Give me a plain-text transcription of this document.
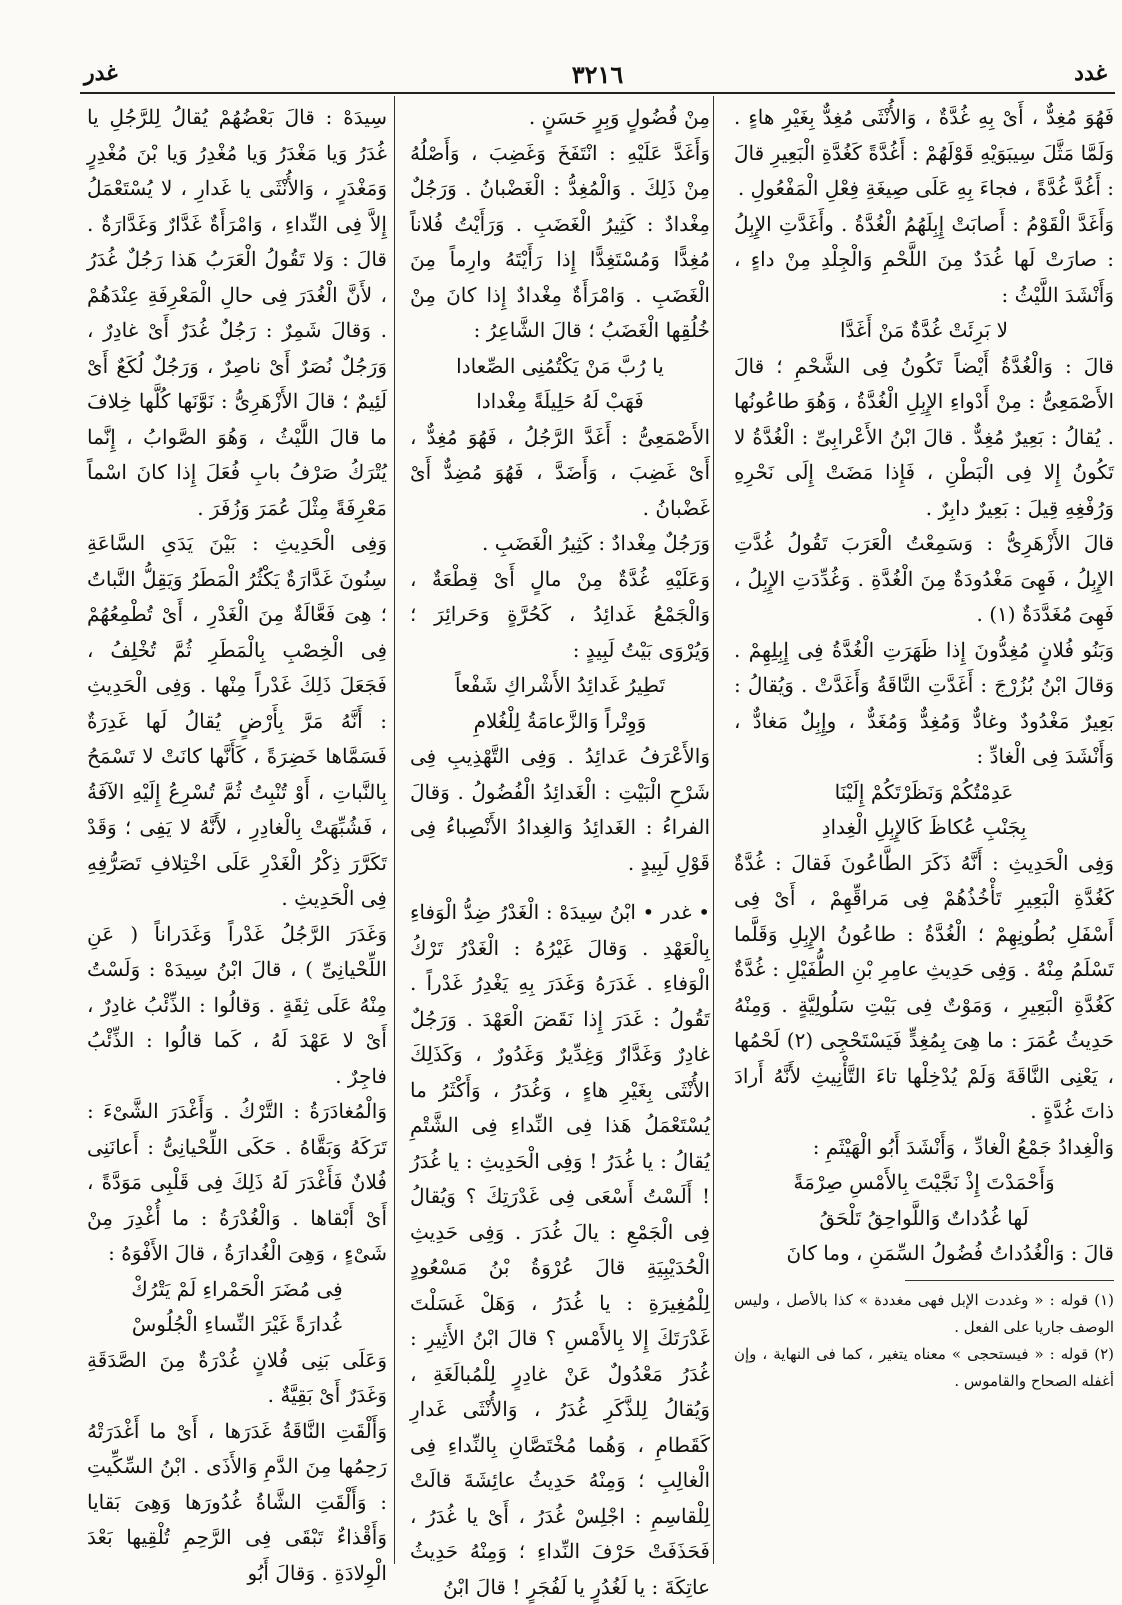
غدد
٣٢١٦
غدر

فَهُوَ مُغِدٌّ ، أَىْ بِهِ غُدَّةٌ ، وَالأُنْثَى مُغِدٌّ بِغَيْرِ هاءٍ . وَلَمَّا مَثَّلَ سِيبَوَيْهِ قَوْلَهُمْ : أَغُدَّةً كَغُدَّةِ الْبَعِيرِ قالَ : أَغُدَّ غُدَّةً ، فجاءَ بِهِ عَلَى صِيغَةِ فِعْلِ الْمَفْعُولِ .

وَأَغَدَّ الْقَوْمُ : أَصابَتْ إِبِلَهُمُ الْغُدَّةُ . وأَغَدَّتِ الإِبِلُ : صارَتْ لَها غُدَدٌ مِنَ اللَّحْمِ وَالْجِلْدِ مِنْ داءٍ ، وَأَنْشَدَ اللَّيْثُ :

لا بَرِئَتْ غُدَّةٌ مَنْ أَغَدَّا

قالَ : وَالْغُدَّةُ أَيْضاً تَكُونُ فِى الشَّحْمِ ؛ قالَ الأَصْمَعِىُّ : مِنْ أَدْواءِ الإِبِلِ الْغُدَّةُ ، وَهُوَ طاعُونُها . يُقالُ : بَعِيرٌ مُغِدٌّ . قالَ ابْنُ الأَعْرابِىِّ : الْغُدَّةُ لا تَكُونُ إِلا فِى الْبَطْنِ ، فَإِذا مَضَتْ إِلَى نَحْرِهِ وَرُفْغِهِ قِيلَ : بَعِيرٌ دابِرٌ .

قالَ الأَزْهَرِىُّ : وَسَمِعْتُ الْعَرَبَ تَقُولُ غُدَّتِ الإِبِلُ ، فَهِىَ مَغْدُودَةٌ مِنَ الْغُدَّةِ . وَغُدِّدَتِ الإِبِلُ ، فَهِىَ مُغَدَّدَةٌ (١) .

وَبَنُو فُلانٍ مُغِدُّونَ إِذا ظَهَرَتِ الْغُدَّةُ فِى إِبِلِهِمْ . وَقالَ ابْنُ بُزُرْجَ : أَغَدَّتِ النَّاقَةُ وَأَغَدَّتْ . وَيُقالُ : بَعِيرٌ مَغْدُودٌ وغادٌّ وَمُغِدٌّ وَمُغَدٌّ ، وإِبِلٌ مَغادٌّ ، وَأَنْشَدَ فِى الْغادِّ :

عَدِمْتُكُمْ وَنَظَرْتَكُمْ إِلَيْنَا

بِجَنْبِ عُكاظَ كَالإِبِلِ الْغِدادِ

وَفِى الْحَدِيثِ : أَنَّهُ ذَكَرَ الطَّاعُونَ فَقالَ : غُدَّةٌ كَغُدَّةِ الْبَعِيرِ تَأْخُذُهُمْ فِى مَراقِّهِمْ ، أَىْ فِى أَسْفَلِ بُطُونِهِمْ ؛ الْغُدَّةُ : طاعُونُ الإِبِلِ وَقَلَّما تَسْلَمُ مِنْهُ . وَفِى حَدِيثِ عامِرِ بْنِ الطُّفَيْلِ : غُدَّةٌ كَغُدَّةِ الْبَعِيرِ ، وَمَوْتٌ فِى بَيْتِ سَلُولِيَّةٍ . وَمِنْهُ حَدِيثُ عُمَرَ : ما هِىَ بِمُغِدٍّ فَيَسْتَحْجِى (٢) لَحْمُها ، يَعْنِى النَّاقَةَ وَلَمْ يُدْخِلْها تاءَ التَّأْنِيثِ لأَنَّهُ أَرادَ ذاتَ غُدَّةٍ .

وَالْغِدادُ جَمْعُ الْغادِّ ، وَأَنْشَدَ أَبُو الْهَيْثَمِ :

وَأَحْمَدْتَ إِذْ نَجَّيْتَ بِالأَمْسِ صِرْمَةً

لَها غُدُداتٌ وَاللَّواحِقُ تَلْحَقُ

قالَ : وَالْغُدُداتُ فُضُولُ السِّمَنِ ، وما كانَ

(١) قوله : « وغددت الإبل فهى مغددة » كذا بالأصل ، وليس الوصف جاريا على الفعل .

(٢) قوله : « فيستحجى » معناه يتغير ، كما فى النهاية ، وإن أغفله الصحاح والقاموس .

مِنْ فُضُولٍ وَبِرٍ حَسَنٍ .

وَأَغَدَّ عَلَيْهِ : انْتَفَخَ وَغَضِبَ ، وَأَصْلُهُ مِنْ ذَلِكَ . وَالْمُغِدُّ : الْغَضْبانُ . وَرَجُلٌ مِغْدادٌ : كَثِيرُ الْغَضَبِ . وَرَأَيْتُ فُلاناً مُغِدًّا وَمُسْتَغِدًّا إِذا رَأَيْتَهُ وارِماً مِنَ الْغَضَبِ . وَامْرَأَةٌ مِغْدادٌ إِذا كانَ مِنْ خُلُقِها الْغَضَبُ ؛ قالَ الشَّاعِرُ :

يا رُبَّ مَنْ يَكْتُمُنِى الصِّعادا

فَهَبْ لَهُ حَلِيلَةً مِغْدادا

الأَصْمَعِىُّ : أَغَدَّ الرَّجُلُ ، فَهُوَ مُغِدٌّ ، أَىْ غَضِبَ ، وَأَضَدَّ ، فَهُوَ مُضِدٌّ أَىْ غَضْبانُ .

وَرَجُلٌ مِغْدادٌ : كَثِيرُ الْغَضَبِ .

وَعَلَيْهِ غُدَّةٌ مِنْ مالٍ أَىْ قِطْعَةٌ ، وَالْجَمْعُ غَدائِدُ ، كَحُرَّةٍ وَحَرائِرَ ؛ وَيُرْوَى بَيْتُ لَبِيدٍ :

تَطِيرُ غَدائِدُ الأَشْراكِ شَفْعاً

وَوِتْراً وَالزَّعامَةُ لِلْغُلامِ

وَالأَعْرَفُ عَدائِدُ . وَفِى التَّهْذِيبِ فِى شَرْحِ الْبَيْتِ : الْغَدائِدُ الْفُضُولُ . وَقالَ الفراءُ : الغَدائِدُ وَالغِدادُ الأَنْصِباءُ فِى قَوْلِ لَبِيدٍ .

• غدر • ابْنُ سِيدَهْ : الْغَدْرُ ضِدُّ الْوَفاءِ بِالْعَهْدِ . وَقالَ غَيْرُهُ : الْغَدْرُ تَرْكُ الْوَفاءِ . غَدَرَهُ وَغَدَرَ بِهِ يَغْدِرُ غَدْراً . تَقُولُ : غَدَرَ إِذا نَقَضَ الْعَهْدَ . وَرَجُلٌ غادِرٌ وَغَدَّارٌ وَغِدِّيرٌ وَغَدُورٌ ، وَكَذَلِكَ الأُنْثَى بِغَيْرِ هاءٍ ، وَغُدَرُ ، وَأَكْثَرُ ما يُسْتَعْمَلُ هَذا فِى النِّداءِ فِى الشَّتْمِ يُقالُ : يا غُدَرُ ! وَفِى الْحَدِيثِ : يا غُدَرُ ! أَلَسْتُ أَسْعَى فِى غَدْرَتِكَ ؟ وَيُقالُ فِى الْجَمْعِ : يالَ غُدَرَ . وَفِى حَدِيثِ الْحُدَيْبِيَةِ قالَ عُرْوَةُ بْنُ مَسْعُودٍ لِلْمُغِيرَةِ : يا غُدَرُ ، وَهَلْ غَسَلْتَ غَدْرَتَكَ إِلا بِالأَمْسِ ؟ قالَ ابْنُ الأَثِيرِ : غُدَرُ مَعْدُولٌ عَنْ غادِرٍ لِلْمُبالَغَةِ ، وَيُقالُ لِلذَّكَرِ غُدَرُ ، وَالأُنْثَى غَدارِ كَقَطامِ ، وَهُما مُخْتَصَّانِ بِالنِّداءِ فِى الْغالِبِ ؛ وَمِنْهُ حَدِيثُ عائِشَةَ قالَتْ لِلْقاسِمِ : اجْلِسْ غُدَرُ ، أَىْ يا غُدَرُ ، فَحَذَفَتْ حَرْفَ النِّداءِ ؛ وَمِنْهُ حَدِيثُ عاتِكَةَ : يا لَغُدُرٍ يا لَفُجَرٍ ! قالَ ابْنُ

سِيدَهْ : قالَ بَعْضُهُمْ يُقالُ لِلرَّجُلِ يا غُدَرُ وَيا مَغْدَرُ وَيا مُغْدِرُ وَيا بْنَ مُغْدِرٍ وَمَغْدَرٍ ، وَالأُنْثَى يا غَدارِ ، لا يُسْتَعْمَلُ إِلاَّ فِى النِّداءِ ، وَامْرَأَةٌ غَدَّارٌ وَغَدَّارَةٌ . قالَ : وَلا تَقُولُ الْعَرَبُ هَذا رَجُلٌ غُدَرُ ، لأَنَّ الْغُدَرَ فِى حالِ الْمَعْرِفَةِ عِنْدَهُمْ . وَقالَ شَمِرٌ : رَجُلٌ غُدَرٌ أَىْ غادِرٌ ، وَرَجُلٌ نُصَرٌ أَىْ ناصِرٌ ، وَرَجُلٌ لُكَعٌ أَىْ لَئِيمٌ ؛ قالَ الأَزْهَرِىُّ : نَوَّنَها كُلَّها خِلافَ ما قالَ اللَّيْثُ ، وَهُوَ الصَّوابُ ، إِنَّما يُتْرَكُ صَرْفُ بابِ فُعَلَ إِذا كانَ اسْماً مَعْرِفَةً مِثْلَ عُمَرَ وَزُفَرَ .

وَفِى الْحَدِيثِ : بَيْنَ يَدَىِ السَّاعَةِ سِنُونَ غَدَّارَةٌ يَكْثُرُ الْمَطَرُ وَيَقِلُّ النَّباتُ ؛ هِىَ فَعَّالَةٌ مِنَ الْغَدْرِ ، أَىْ تُطْمِعُهُمْ فِى الْخِصْبِ بِالْمَطَرِ ثُمَّ تُخْلِفُ ، فَجَعَلَ ذَلِكَ غَدْراً مِنْها . وَفِى الْحَدِيثِ : أَنَّهُ مَرَّ بِأَرْضٍ يُقالُ لَها غَدِرَةٌ فَسَمَّاها خَضِرَةً ، كَأَنَّها كانَتْ لا تَسْمَحُ بِالنَّباتِ ، أَوْ تُنْبِتُ ثُمَّ تُسْرِعُ إِلَيْهِ الآفَةُ ، فَشُبِّهَتْ بِالْغادِرِ ، لأَنَّهُ لا يَفِى ؛ وَقَدْ تَكَرَّرَ ذِكْرُ الْغَدْرِ عَلَى اخْتِلافِ تَصَرُّفِهِ فِى الْحَدِيثِ .

وَغَدَرَ الرَّجُلُ غَدْراً وَغَدَراناً ( عَنِ اللِّحْيانِىِّ ) ، قالَ ابْنُ سِيدَهْ : وَلَسْتُ مِنْهُ عَلَى ثِقَةٍ . وَقالُوا : الذِّئْبُ غادِرٌ ، أَىْ لا عَهْدَ لَهُ ، كَما قالُوا : الذِّئْبُ فاجِرٌ .

وَالْمُغادَرَةُ : التَّرْكُ . وَأَغْدَرَ الشَّىْءَ : تَرَكَهُ وَبَقَّاهُ . حَكَى اللِّحْيانِىُّ : أَعانَنِى فُلانٌ فَأَغْدَرَ لَهُ ذَلِكَ فِى قَلْبِى مَوَدَّةً ، أَىْ أَبْقاها . وَالْغُدْرَةُ : ما أُغْدِرَ مِنْ شَىْءٍ ، وَهِىَ الْغُدارَةُ ، قالَ الأَفْوَهُ :

فِى مُضَرَ الْحَمْراءِ لَمْ يَتْرُكْ

غُدارَةً غَيْرَ النِّساءِ الْجُلُوسْ

وَعَلَى بَنِى فُلانٍ غُدْرَةٌ مِنَ الصَّدَقَةِ وَغَدَرٌ أَىْ بَقِيَّةٌ .

وَأَلْقَتِ النَّاقَةُ غَدَرَها ، أَىْ ما أَغْدَرَتْهُ رَحِمُها مِنَ الدَّمِ وَالأَذَى . ابْنُ السِّكِّيتِ : وَأَلْقَتِ الشَّاةُ غُدُورَها وَهِىَ بَقايا وَأَقْذاءٌ تَبْقَى فِى الرَّحِمِ تُلْقِيها بَعْدَ الْوِلادَةِ . وَقالَ أَبُو
